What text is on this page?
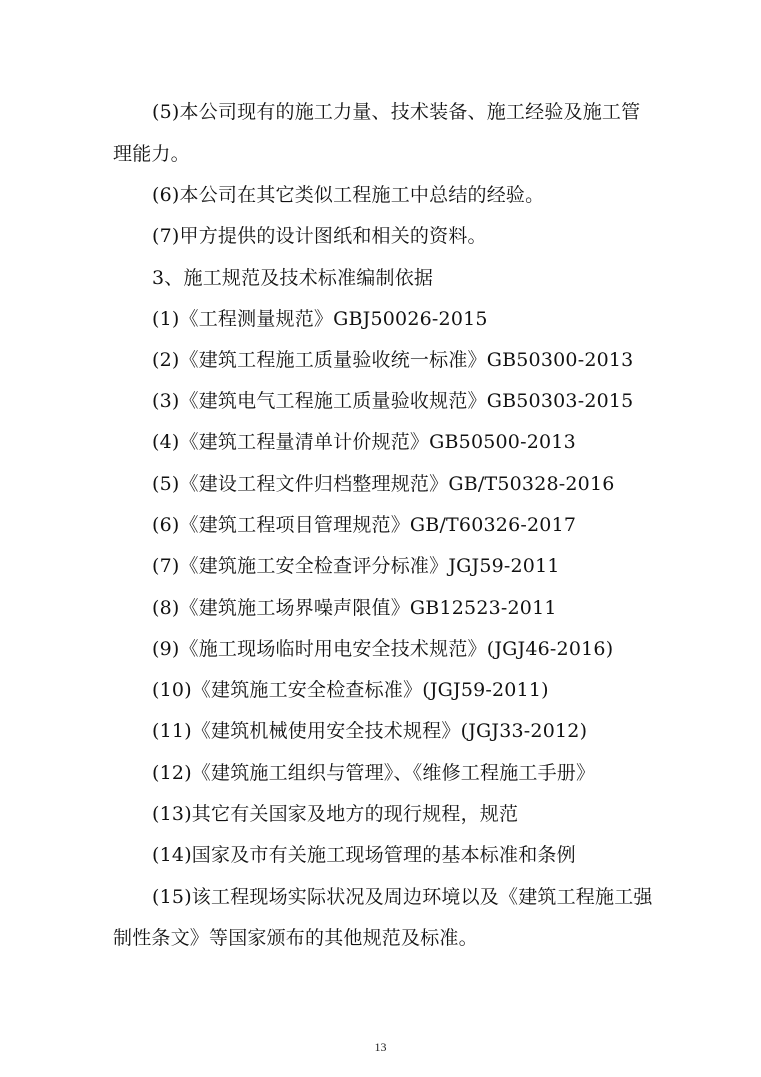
(5)本公司现有的施工力量、技术装备、施工经验及施工管
理能力。
(6)本公司在其它类似工程施工中总结的经验。
(7)甲方提供的设计图纸和相关的资料。
3、施工规范及技术标准编制依据
(1)《工程测量规范》GBJ50026-2015
(2)《建筑工程施工质量验收统一标准》GB50300-2013
(3)《建筑电气工程施工质量验收规范》GB50303-2015
(4)《建筑工程量清单计价规范》GB50500-2013
(5)《建设工程文件归档整理规范》GB/T50328-2016
(6)《建筑工程项目管理规范》GB/T60326-2017
(7)《建筑施工安全检查评分标准》JGJ59-2011
(8)《建筑施工场界噪声限值》GB12523-2011
(9)《施工现场临时用电安全技术规范》(JGJ46-2016)
(10)《建筑施工安全检查标准》(JGJ59-2011)
(11)《建筑机械使用安全技术规程》(JGJ33-2012)
(12)《建筑施工组织与管理》、《维修工程施工手册》
(13)其它有关国家及地方的现行规程，规范
(14)国家及市有关施工现场管理的基本标准和条例
(15)该工程现场实际状况及周边环境以及《建筑工程施工强
制性条文》等国家颁布的其他规范及标准。
13
